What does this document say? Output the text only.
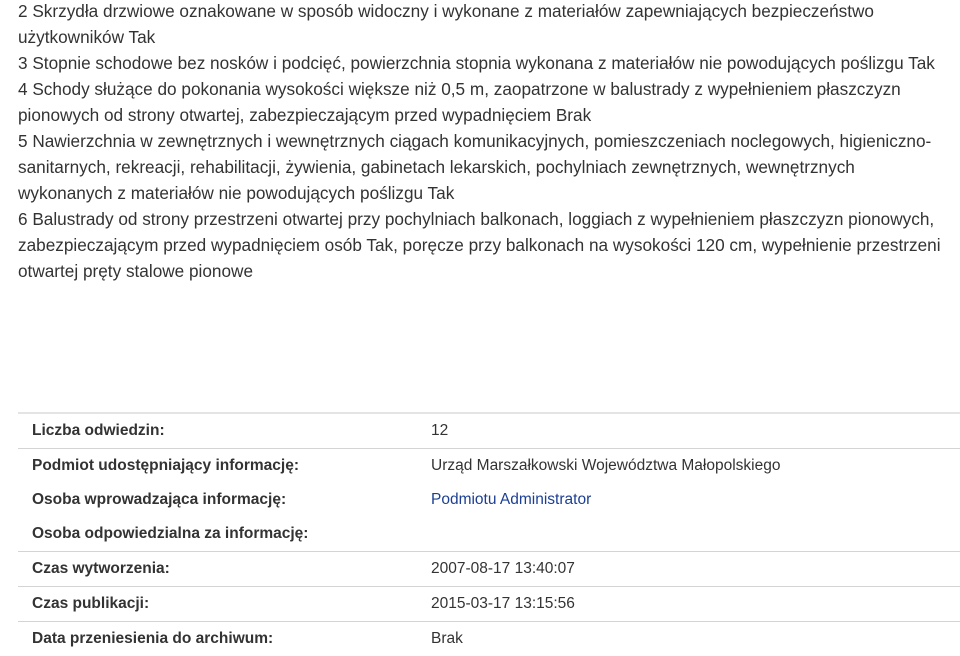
2 Skrzydła drzwiowe oznakowane w sposób widoczny i wykonane z materiałów zapewniających bezpieczeństwo użytkowników Tak

3 Stopnie schodowe bez nosków i podcięć, powierzchnia stopnia wykonana z materiałów nie powodujących poślizgu Tak

4 Schody służące do pokonania wysokości większe niż 0,5 m, zaopatrzone w balustrady z wypełnieniem płaszczyzn pionowych od strony otwartej, zabezpieczającym przed wypadnięciem Brak

5 Nawierzchnia w zewnętrznych i wewnętrznych ciągach komunikacyjnych, pomieszczeniach noclegowych, higieniczno-sanitarnych, rekreacji, rehabilitacji, żywienia, gabinetach lekarskich, pochylniach zewnętrznych, wewnętrznych wykonanych z materiałów nie powodujących poślizgu Tak

6 Balustrady od strony przestrzeni otwartej przy pochylniach balkonach, loggiach z wypełnieniem płaszczyzn pionowych, zabezpieczającym przed wypadnięciem osób Tak, poręcze przy balkonach na wysokości 120 cm, wypełnienie przestrzeni otwartej pręty stalowe pionowe

Liczba odwiedzin:	12
Podmiot udostępniający informację:	Urząd Marszałkowski Województwa Małopolskiego
Osoba wprowadzająca informację:	Podmiotu Administrator
Osoba odpowiedzialna za informację:
Czas wytworzenia:	2007-08-17 13:40:07
Czas publikacji:	2015-03-17 13:15:56
Data przeniesienia do archiwum:	Brak
